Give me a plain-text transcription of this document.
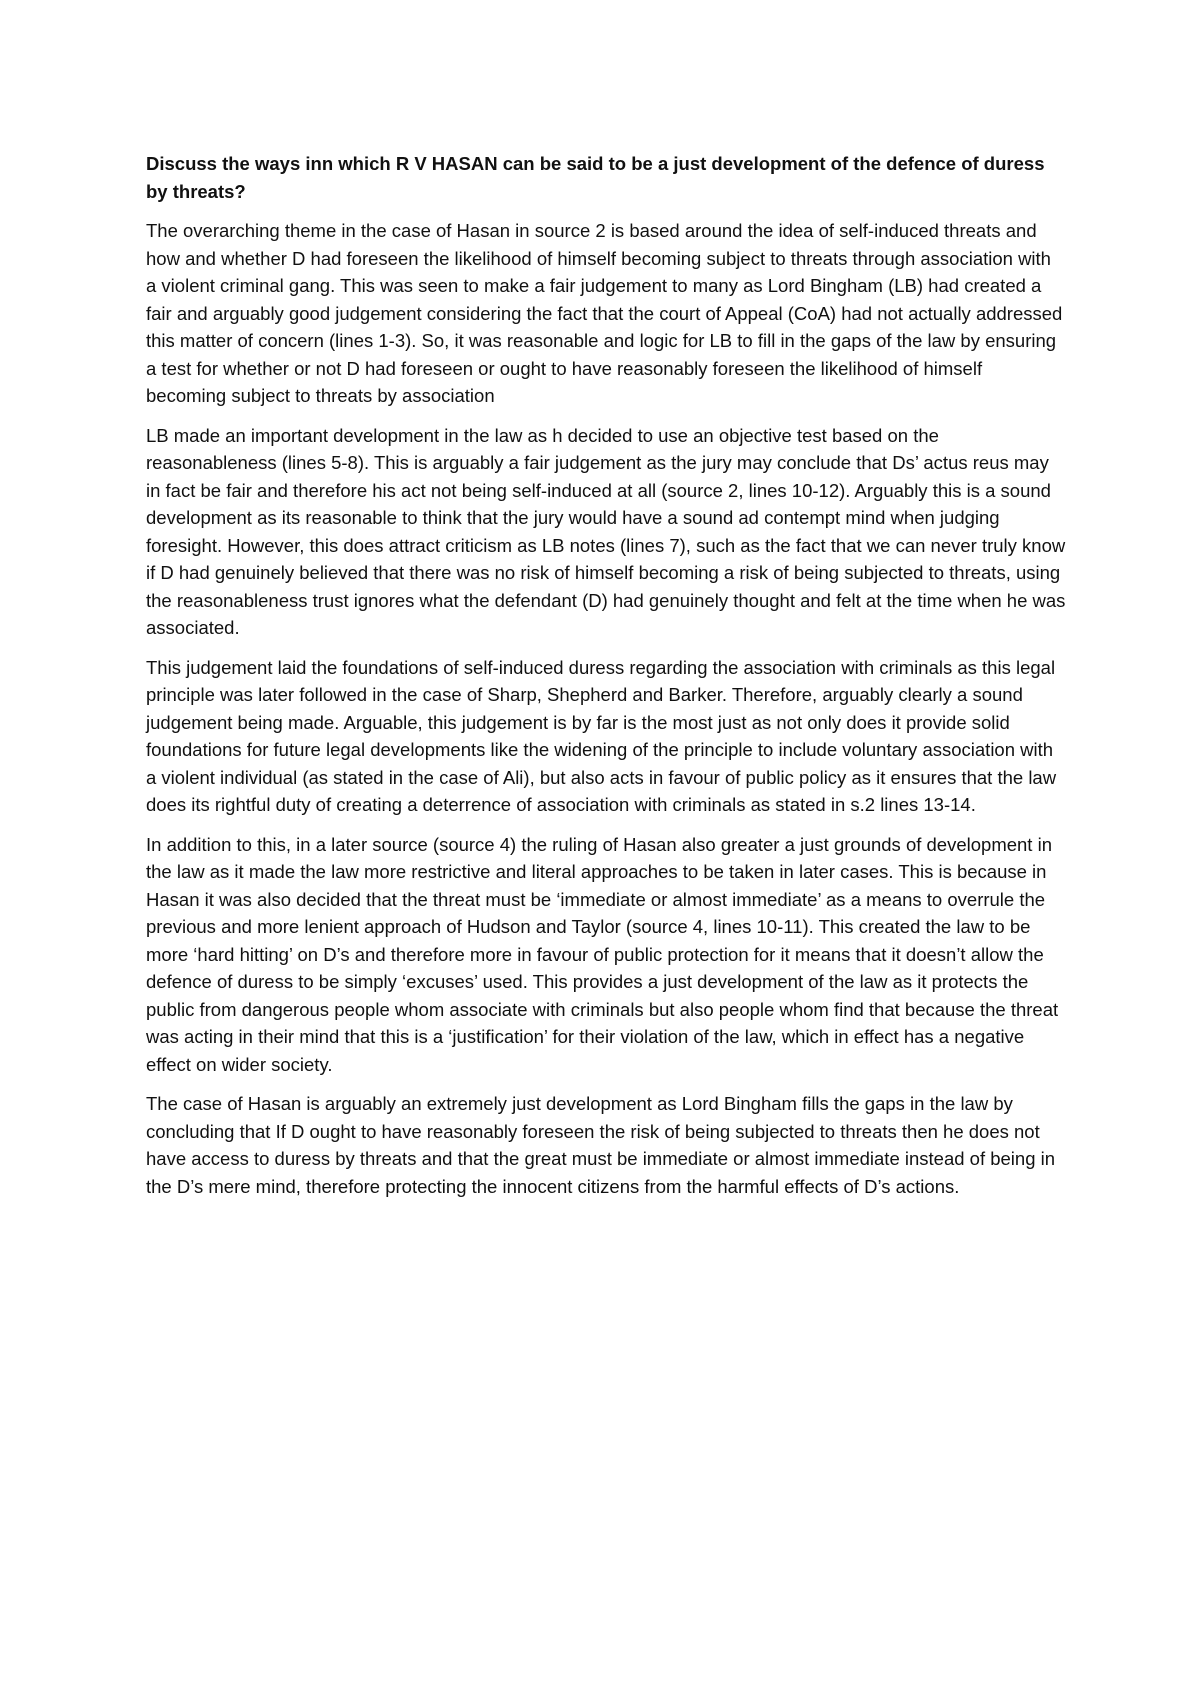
Discuss the ways inn which R V HASAN can be said to be a just development of the defence of duress by threats?

The overarching theme in the case of Hasan in source 2 is based around the idea of self-induced threats and how and whether D had foreseen the likelihood of himself becoming subject to threats through association with a violent criminal gang. This was seen to make a fair judgement to many as Lord Bingham (LB) had created a fair and arguably good judgement considering the fact that the court of Appeal (CoA) had not actually addressed this matter of concern (lines 1-3). So, it was reasonable and logic for LB to fill in the gaps of the law by ensuring a test for whether or not D had foreseen or ought to have reasonably foreseen the likelihood of himself becoming subject to threats by association

LB made an important development in the law as h decided to use an objective test based on the reasonableness (lines 5-8). This is arguably a fair judgement as the jury may conclude that Ds’ actus reus may in fact be fair and therefore his act not being self-induced at all (source 2, lines 10-12). Arguably this is a sound development as its reasonable to think that the jury would have a sound ad contempt mind when judging foresight. However, this does attract criticism as LB notes (lines 7), such as the fact that we can never truly know if D had genuinely believed that there was no risk of himself becoming a risk of being subjected to threats, using the reasonableness trust ignores what the defendant (D) had genuinely thought and felt at the time when he was associated.

This judgement laid the foundations of self-induced duress regarding the association with criminals as this legal principle was later followed in the case of Sharp, Shepherd and Barker. Therefore, arguably clearly a sound judgement being made. Arguable, this judgement is by far is the most just as not only does it provide solid foundations for future legal developments like the widening of the principle to include voluntary association with a violent individual (as stated in the case of Ali), but also acts in favour of public policy as it ensures that the law does its rightful duty of creating a deterrence of association with criminals as stated in s.2 lines 13-14.

In addition to this, in a later source (source 4) the ruling of Hasan also greater a just grounds of development in the law as it made the law more restrictive and literal approaches to be taken in later cases. This is because in Hasan it was also decided that the threat must be ‘immediate or almost immediate’ as a means to overrule the previous and more lenient approach of Hudson and Taylor (source 4, lines 10-11). This created the law to be more ‘hard hitting’ on D’s and therefore more in favour of public protection for it means that it doesn’t allow the defence of duress to be simply ‘excuses’ used. This provides a just development of the law as it protects the public from dangerous people whom associate with criminals but also people whom find that because the threat was acting in their mind that this is a ‘justification’ for their violation of the law, which in effect has a negative effect on wider society.

The case of Hasan is arguably an extremely just development as Lord Bingham fills the gaps in the law by concluding that If D ought to have reasonably foreseen the risk of being subjected to threats then he does not have access to duress by threats and that the great must be immediate or almost immediate instead of being in the D’s mere mind, therefore protecting the innocent citizens from the harmful effects of D’s actions.
